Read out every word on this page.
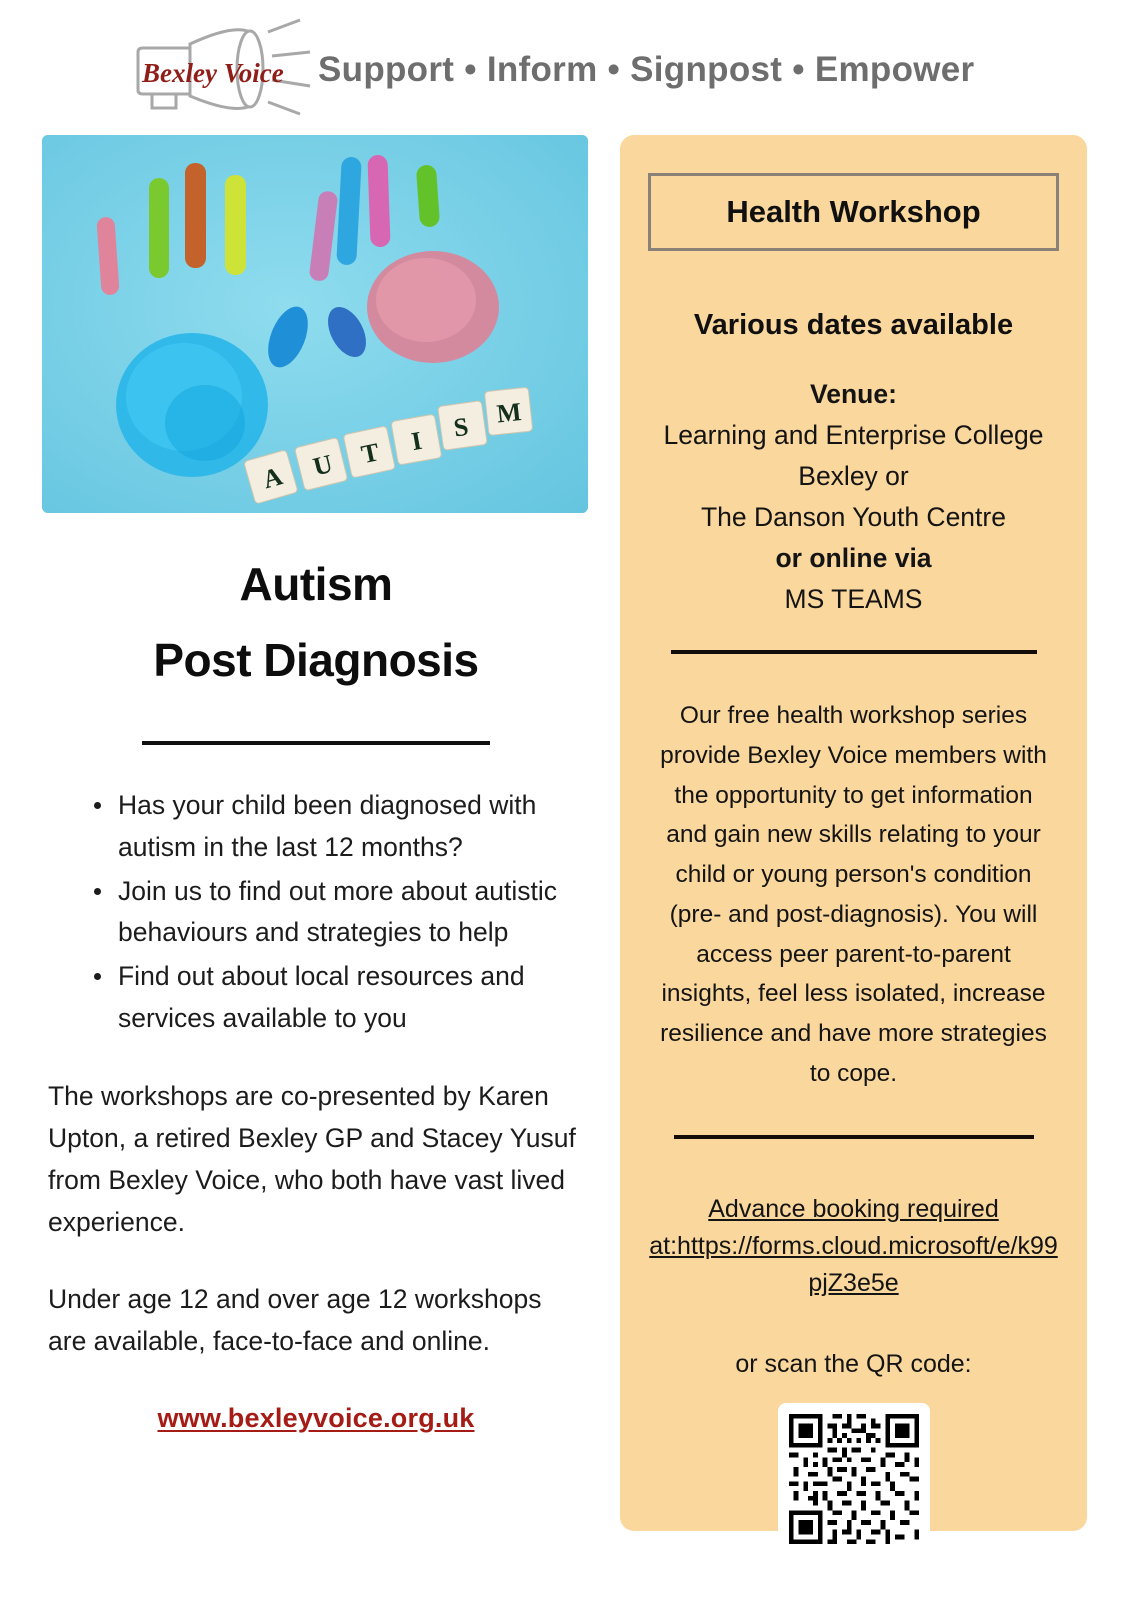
Bexley Voice Support • Inform • Signpost • Empower
A U T I S M
Autism
Post Diagnosis
Has your child been diagnosed with autism in the last 12 months?
Join us to find out more about autistic behaviours and strategies to help
Find out about local resources and services available to you

The workshops are co-presented by Karen Upton, a retired Bexley GP and Stacey Yusuf from Bexley Voice, who both have vast lived experience.

Under age 12 and over age 12 workshops are available, face-to-face and online.

www.bexleyvoice.org.uk
Health Workshop
Various dates available
Venue:
Learning and Enterprise College
Bexley or
The Danson Youth Centre
or online via
MS TEAMS

Our free health workshop series provide Bexley Voice members with the opportunity to get information and gain new skills relating to your child or young person's condition (pre- and post-diagnosis). You will access peer parent-to-parent insights, feel less isolated, increase resilience and have more strategies to cope.

Advance booking required at:https://forms.cloud.microsoft/e/k99pjZ3e5e
or scan the QR code:
